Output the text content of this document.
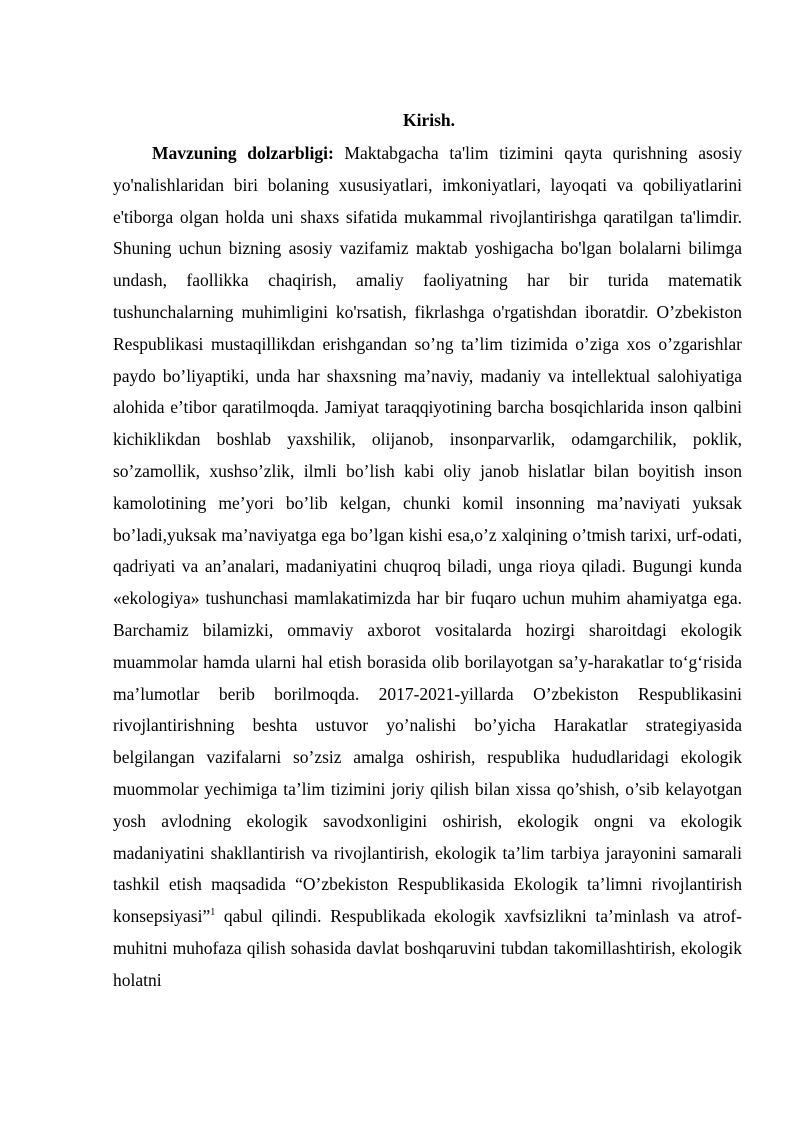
Kirish.

Mavzuning dolzarbligi: Maktabgacha ta'lim tizimini qayta qurishning asosiy yo'nalishlaridan biri bolaning xususiyatlari, imkoniyatlari, layoqati va qobiliyatlarini e'tiborga olgan holda uni shaxs sifatida mukammal rivojlantirishga qaratilgan ta'limdir. Shuning uchun bizning asosiy vazifamiz maktab yoshigacha bo'lgan bolalarni bilimga undash, faollikka chaqirish, amaliy faoliyatning har bir turida matematik tushunchalarning muhimligini ko'rsatish, fikrlashga o'rgatishdan iboratdir. O’zbekiston Respublikasi mustaqillikdan erishgandan so’ng ta’lim tizimida o’ziga xos o’zgarishlar paydo bo’liyaptiki, unda har shaxsning ma’naviy, madaniy va intellektual salohiyatiga alohida e’tibor qaratilmoqda. Jamiyat taraqqiyotining barcha bosqichlarida inson qalbini kichiklikdan boshlab yaxshilik, olijanob, insonparvarlik, odamgarchilik, poklik, so’zamollik, xushso’zlik, ilmli bo’lish kabi oliy janob hislatlar bilan boyitish inson kamolotining me’yori bo’lib kelgan, chunki komil insonning ma’naviyati yuksak bo’ladi,yuksak ma’naviyatga ega bo’lgan kishi esa,o’z xalqining o’tmish tarixi, urf-odati, qadriyati va an’analari, madaniyatini chuqroq biladi, unga rioya qiladi. Bugungi kunda «ekologiya» tushunchasi mamlakatimizda har bir fuqaro uchun muhim ahamiyatga ega. Barchamiz bilamizki, ommaviy axborot vositalarda hozirgi sharoitdagi ekologik muammolar hamda ularni hal etish borasida olib borilayotgan sa’y-harakatlar to‘g‘risida ma’lumotlar berib borilmoqda. 2017-2021-yillarda O’zbekiston Respublikasini rivojlantirishning beshta ustuvor yo’nalishi bo’yicha Harakatlar strategiyasida belgilangan vazifalarni so’zsiz amalga oshirish, respublika hududlaridagi ekologik muommolar yechimiga ta’lim tizimini joriy qilish bilan xissa qo’shish, o’sib kelayotgan yosh avlodning ekologik savodxonligini oshirish, ekologik ongni va ekologik madaniyatini shakllantirish va rivojlantirish, ekologik ta’lim tarbiya jarayonini samarali tashkil etish maqsadida “O’zbekiston Respublikasida Ekologik ta’limni rivojlantirish konsepsiyasi”$^1$ qabul qilindi. Respublikada ekologik xavfsizlikni ta’minlash va atrof-muhitni muhofaza qilish sohasida davlat boshqaruvini tubdan takomillashtirish, ekologik holatni
